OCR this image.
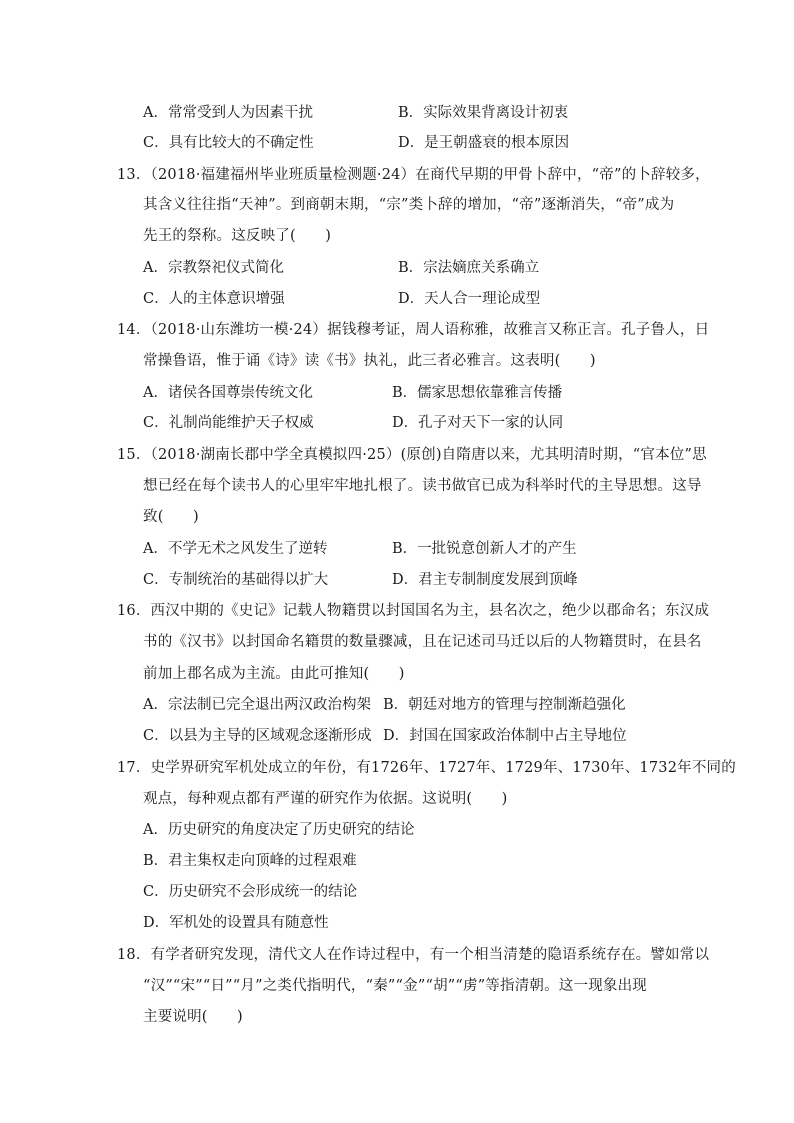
A．常常受到人为因素干扰	B．实际效果背离设计初衷
C．具有比较大的不确定性	D．是王朝盛衰的根本原因
13．（2018·福建福州毕业班质量检测题·24）在商代早期的甲骨卜辞中，“帝”的卜辞较多，
其含义往往指“天神”。到商朝末期，“宗”类卜辞的增加，“帝”逐渐消失，“帝”成为
先王的祭称。这反映了(　　)
A．宗教祭祀仪式简化	B．宗法嫡庶关系确立
C．人的主体意识增强	D．天人合一理论成型
14．（2018·山东潍坊一模·24）据钱穆考证，周人语称雅，故雅言又称正言。孔子鲁人，日
常操鲁语，惟于诵《诗》读《书》执礼，此三者必雅言。这表明(　　)
A．诸侯各国尊崇传统文化	B．儒家思想依靠雅言传播
C．礼制尚能维护天子权威	D．孔子对天下一家的认同
15．（2018·湖南长郡中学全真模拟四·25）(原创)自隋唐以来，尤其明清时期，“官本位”思
想已经在每个读书人的心里牢牢地扎根了。读书做官已成为科举时代的主导思想。这导
致(　　)
A．不学无术之风发生了逆转	B．一批锐意创新人才的产生
C．专制统治的基础得以扩大	D．君主专制制度发展到顶峰
16．西汉中期的《史记》记载人物籍贯以封国国名为主，县名次之，绝少以郡命名；东汉成
书的《汉书》以封国命名籍贯的数量骤减，且在记述司马迁以后的人物籍贯时，在县名
前加上郡名成为主流。由此可推知(　　)
A．宗法制已完全退出两汉政治构架 B．朝廷对地方的管理与控制渐趋强化
C．以县为主导的区域观念逐渐形成 D．封国在国家政治体制中占主导地位
17．史学界研究军机处成立的年份，有1726年、1727年、1729年、1730年、1732年不同的
观点，每种观点都有严谨的研究作为依据。这说明(　　)
A．历史研究的角度决定了历史研究的结论
B．君主集权走向顶峰的过程艰难
C．历史研究不会形成统一的结论
D．军机处的设置具有随意性
18．有学者研究发现，清代文人在作诗过程中，有一个相当清楚的隐语系统存在。譬如常以
“汉”“宋”“日”“月”之类代指明代，“秦”“金”“胡”“虏”等指清朝。这一现象出现
主要说明(　　)
